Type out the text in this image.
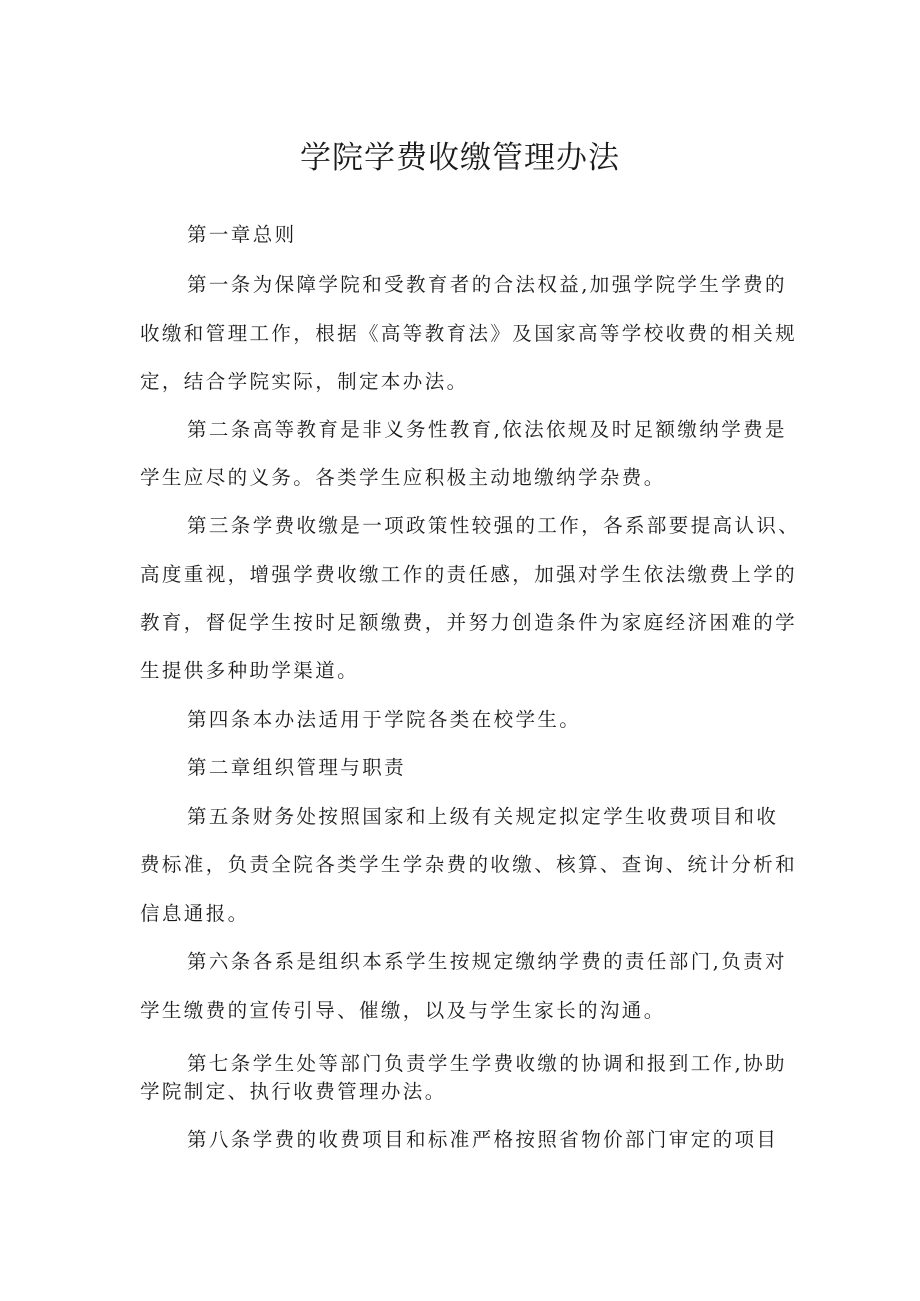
学院学费收缴管理办法

第一章总则

第一条为保障学院和受教育者的合法权益,加强学院学生学费的

收缴和管理工作，根据《高等教育法》及国家高等学校收费的相关规

定，结合学院实际，制定本办法。

第二条高等教育是非义务性教育,依法依规及时足额缴纳学费是

学生应尽的义务。各类学生应积极主动地缴纳学杂费。

第三条学费收缴是一项政策性较强的工作，各系部要提高认识、

高度重视，增强学费收缴工作的责任感，加强对学生依法缴费上学的

教育，督促学生按时足额缴费，并努力创造条件为家庭经济困难的学

生提供多种助学渠道。

第四条本办法适用于学院各类在校学生。

第二章组织管理与职责

第五条财务处按照国家和上级有关规定拟定学生收费项目和收

费标准，负责全院各类学生学杂费的收缴、核算、查询、统计分析和

信息通报。

第六条各系是组织本系学生按规定缴纳学费的责任部门,负责对

学生缴费的宣传引导、催缴，以及与学生家长的沟通。

第七条学生处等部门负责学生学费收缴的协调和报到工作,协助

学院制定、执行收费管理办法。

第八条学费的收费项目和标准严格按照省物价部门审定的项目
